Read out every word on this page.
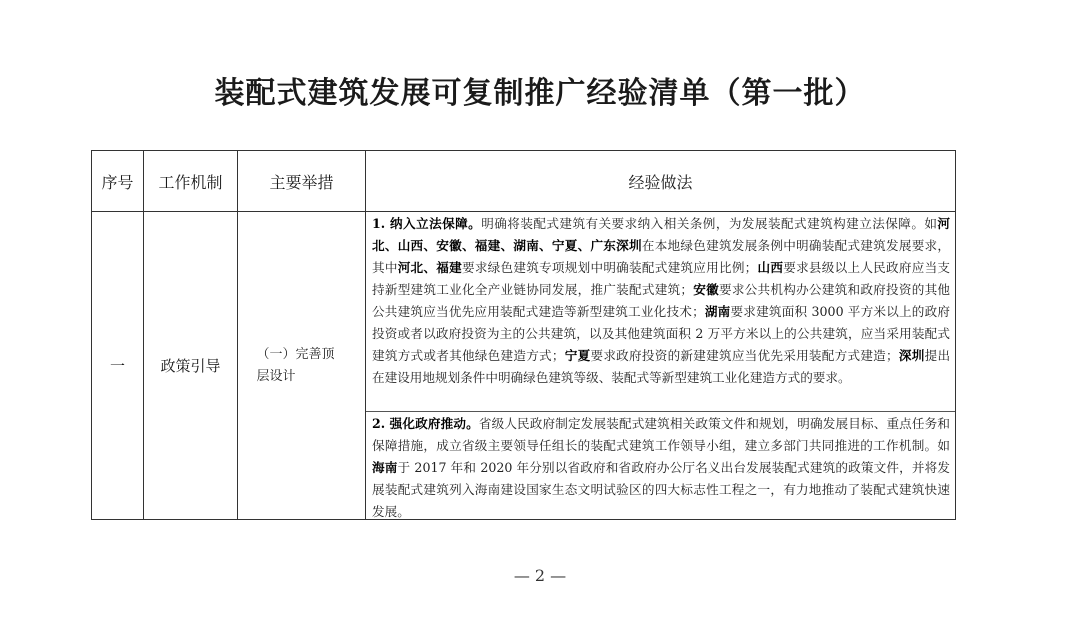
装配式建筑发展可复制推广经验清单（第一批）
序号	工作机制	主要举措	经验做法
一	政策引导	（一）完善顶层设计	1. 纳入立法保障。明确将装配式建筑有关要求纳入相关条例，为发展装配式建筑构建立法保障。如河北、山西、安徽、福建、湖南、宁夏、广东深圳在本地绿色建筑发展条例中明确装配式建筑发展要求，其中河北、福建要求绿色建筑专项规划中明确装配式建筑应用比例；山西要求县级以上人民政府应当支持新型建筑工业化全产业链协同发展，推广装配式建筑；安徽要求公共机构办公建筑和政府投资的其他公共建筑应当优先应用装配式建造等新型建筑工业化技术；湖南要求建筑面积 3000 平方米以上的政府投资或者以政府投资为主的公共建筑，以及其他建筑面积 2 万平方米以上的公共建筑，应当采用装配式建筑方式或者其他绿色建造方式；宁夏要求政府投资的新建建筑应当优先采用装配方式建造；深圳提出在建设用地规划条件中明确绿色建筑等级、装配式等新型建筑工业化建造方式的要求。
2. 强化政府推动。省级人民政府制定发展装配式建筑相关政策文件和规划，明确发展目标、重点任务和保障措施，成立省级主要领导任组长的装配式建筑工作领导小组，建立多部门共同推进的工作机制。如海南于 2017 年和 2020 年分别以省政府和省政府办公厅名义出台发展装配式建筑的政策文件，并将发展装配式建筑列入海南建设国家生态文明试验区的四大标志性工程之一，有力地推动了装配式建筑快速发展。
— 2 —
